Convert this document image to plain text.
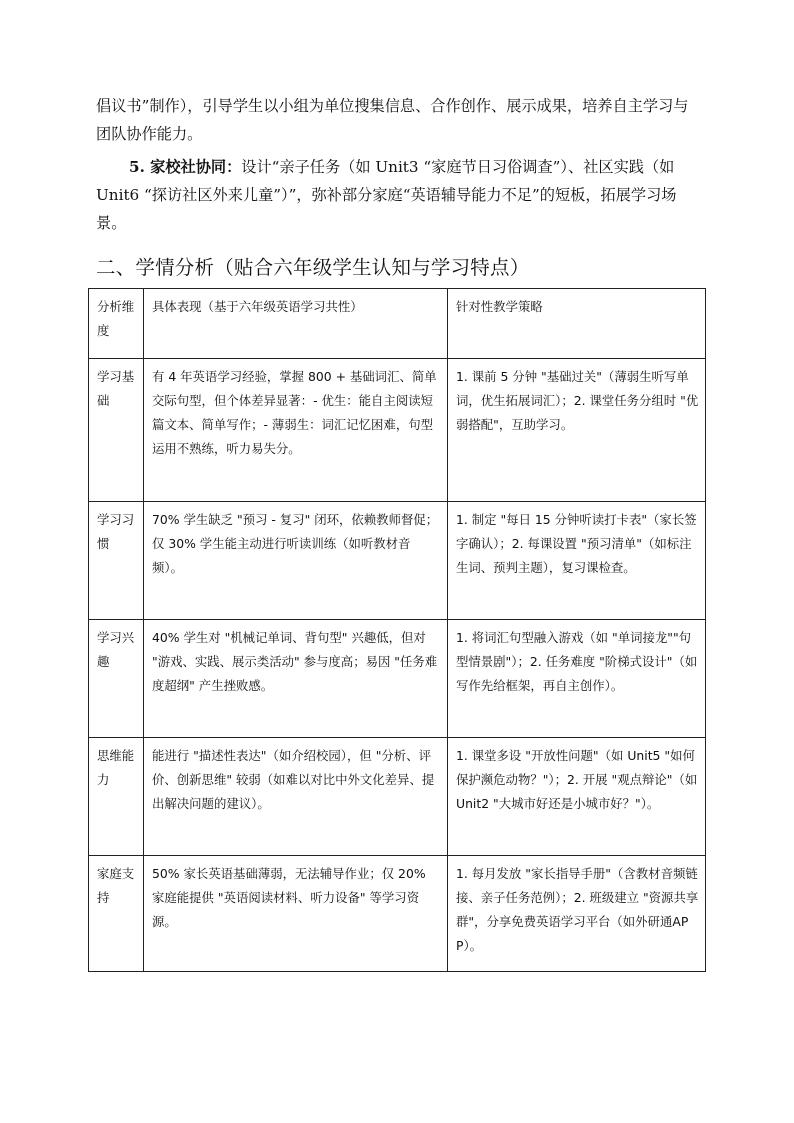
倡议书”制作），引导学生以小组为单位搜集信息、合作创作、展示成果，培养自主学习与团队协作能力。

5. 家校社协同：设计“亲子任务（如 Unit3 “家庭节日习俗调查”）、社区实践（如 Unit6 “探访社区外来儿童”）”，弥补部分家庭“英语辅导能力不足”的短板，拓展学习场景。

二、学情分析（贴合六年级学生认知与学习特点）
分析维度	具体表现（基于六年级英语学习共性）	针对性教学策略
学习基础	有 4 年英语学习经验，掌握 800 + 基础词汇、简单交际句型，但个体差异显著：- 优生：能自主阅读短篇文本、简单写作；- 薄弱生：词汇记忆困难，句型运用不熟练，听力易失分。	1. 课前 5 分钟 "基础过关"（薄弱生听写单词，优生拓展词汇）；2. 课堂任务分组时 "优弱搭配"，互助学习。
学习习惯	70% 学生缺乏 "预习 - 复习" 闭环，依赖教师督促；仅 30% 学生能主动进行听读训练（如听教材音频）。	1. 制定 "每日 15 分钟听读打卡表"（家长签字确认）；2. 每课设置 "预习清单"（如标注生词、预判主题），复习课检查。
学习兴趣	40% 学生对 "机械记单词、背句型" 兴趣低，但对 "游戏、实践、展示类活动" 参与度高；易因 "任务难度超纲" 产生挫败感。	1. 将词汇句型融入游戏（如 "单词接龙""句型情景剧"）；2. 任务难度 "阶梯式设计"（如写作先给框架，再自主创作）。
思维能力	能进行 "描述性表达"（如介绍校园），但 "分析、评价、创新思维" 较弱（如难以对比中外文化差异、提出解决问题的建议）。	1. 课堂多设 "开放性问题"（如 Unit5 "如何保护濒危动物？"）；2. 开展 "观点辩论"（如 Unit2 "大城市好还是小城市好？"）。
家庭支持	50% 家长英语基础薄弱，无法辅导作业；仅 20% 家庭能提供 "英语阅读材料、听力设备" 等学习资源。	1. 每月发放 "家长指导手册"（含教材音频链接、亲子任务范例）；2. 班级建立 "资源共享群"，分享免费英语学习平台（如外研通APP）。
